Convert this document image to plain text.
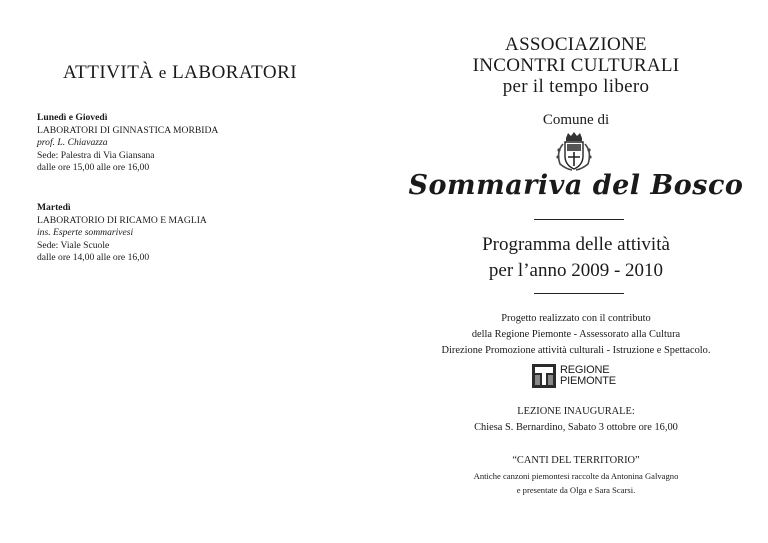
ATTIVITÀ e LABORATORI
Lunedì e Giovedì
LABORATORI DI GINNASTICA MORBIDA
prof. L. Chiavazza
Sede: Palestra di Via Giansana
dalle ore 15,00 alle ore 16,00
Martedì
LABORATORIO DI RICAMO E MAGLIA
ins. Esperte sommarivesi
Sede: Viale Scuole
dalle ore 14,00 alle ore 16,00
ASSOCIAZIONE
INCONTRI CULTURALI
per il tempo libero
Comune di
Sommariva del Bosco
Programma delle attività
per l’anno 2009 - 2010
Progetto realizzato con il contributo
della Regione Piemonte - Assessorato alla Cultura
Direzione Promozione attività culturali - Istruzione e Spettacolo.
REGIONE
PIEMONTE
LEZIONE INAUGURALE:
Chiesa S. Bernardino, Sabato 3 ottobre ore 16,00
“CANTI DEL TERRITORIO”
Antiche canzoni piemontesi raccolte da Antonina Galvagno
e presentate da Olga e Sara Scarsi.
